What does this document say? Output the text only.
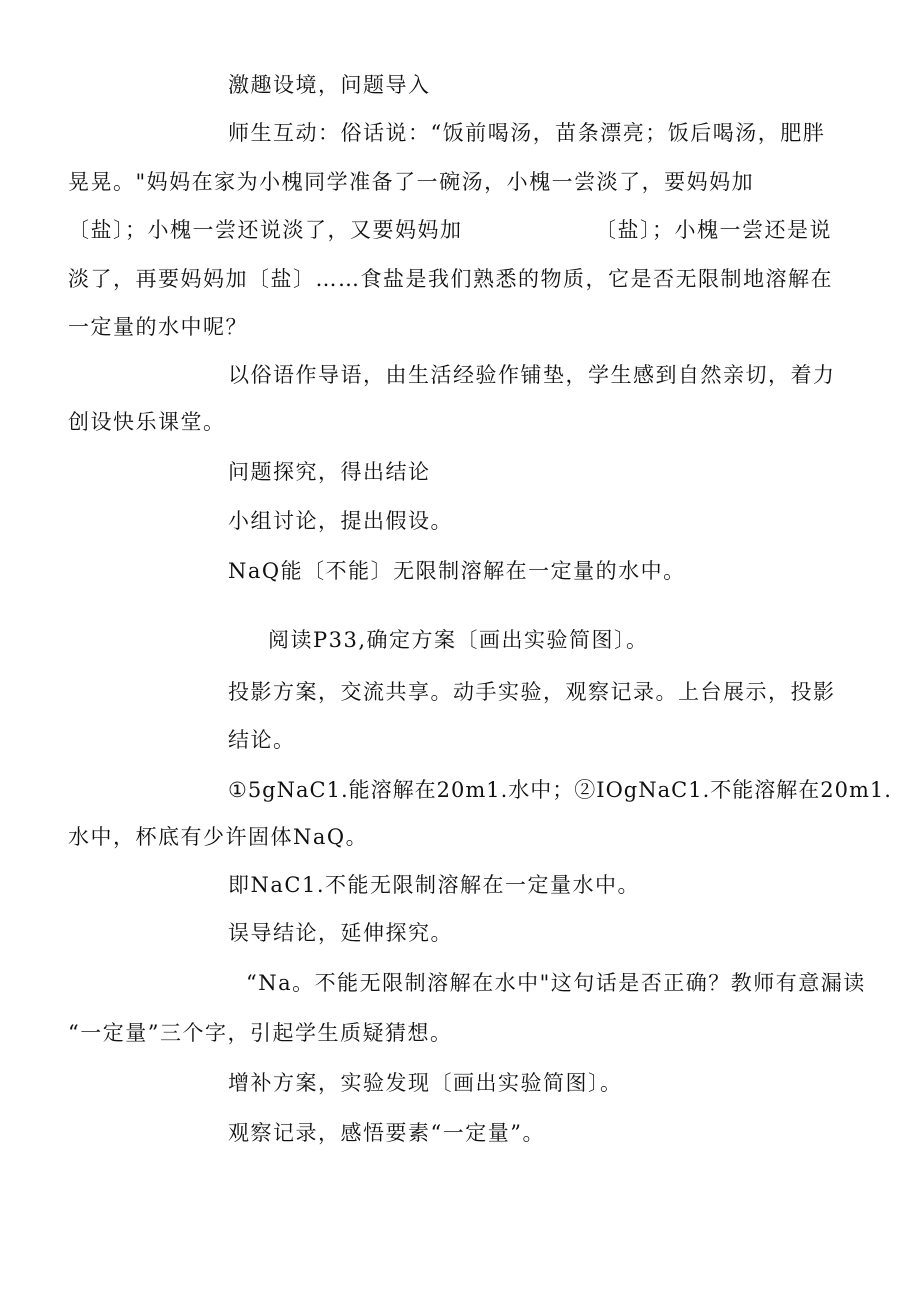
激趣设境，问题导入

师生互动：俗话说：“饭前喝汤，苗条漂亮；饭后喝汤，肥胖

晃晃。"妈妈在家为小槐同学准备了一碗汤，小槐一尝淡了，要妈妈加

〔盐〕；小槐一尝还说淡了，又要妈妈加	〔盐〕；小槐一尝还是说

淡了，再要妈妈加〔盐〕……食盐是我们熟悉的物质，它是否无限制地溶解在

一定量的水中呢？

以俗语作导语，由生活经验作铺垫，学生感到自然亲切，着力

创设快乐课堂。

问题探究，得出结论

小组讨论，提出假设。

NaQ能〔不能〕无限制溶解在一定量的水中。

阅读P33,确定方案〔画出实验简图〕。

投影方案，交流共享。动手实验，观察记录。上台展示，投影

结论。

①5gNaC1.能溶解在20m1.水中；②IOgNaC1.不能溶解在20m1.

水中，杯底有少许固体NaQ。

即NaC1.不能无限制溶解在一定量水中。

误导结论，延伸探究。

“Na。不能无限制溶解在水中"这句话是否正确？教师有意漏读

“一定量”三个字，引起学生质疑猜想。

增补方案，实验发现〔画出实验简图〕。

观察记录，感悟要素“一定量”。
